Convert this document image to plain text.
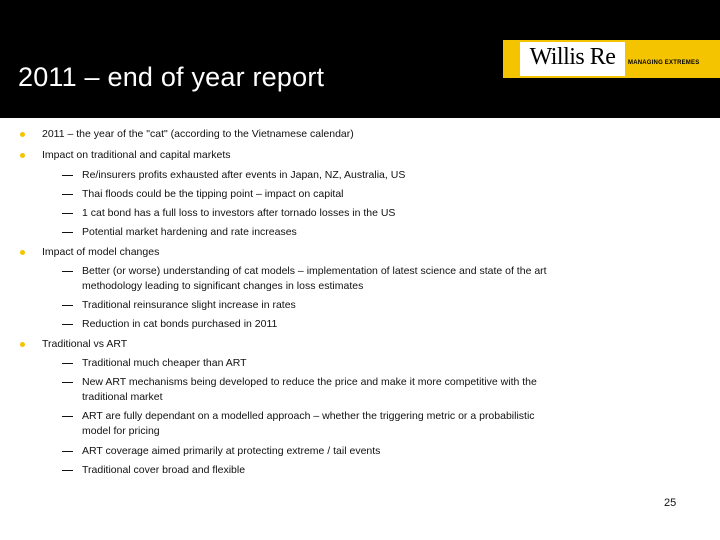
2011 – end of year report
Willis Re	MANAGING EXTREMES
2011 – the year of the "cat" (according to the Vietnamese calendar)
Impact on traditional and capital markets
Re/insurers profits exhausted after events in Japan, NZ, Australia, US
Thai floods could be the tipping point – impact on capital
1 cat bond has a full loss to investors after tornado losses in the US
Potential market hardening and rate increases
Impact of model changes
Better (or worse) understanding of cat models – implementation of latest science and state of the art
methodology leading to significant changes in loss estimates
Traditional reinsurance slight increase in rates
Reduction in cat bonds purchased in 2011
Traditional vs ART
Traditional much cheaper than ART
New ART mechanisms being developed to reduce the price and make it more competitive with the
traditional market
ART are fully dependant on a modelled approach – whether the triggering metric or a probabilistic
model for pricing
ART coverage aimed primarily at protecting extreme / tail events
Traditional cover broad and flexible
25
